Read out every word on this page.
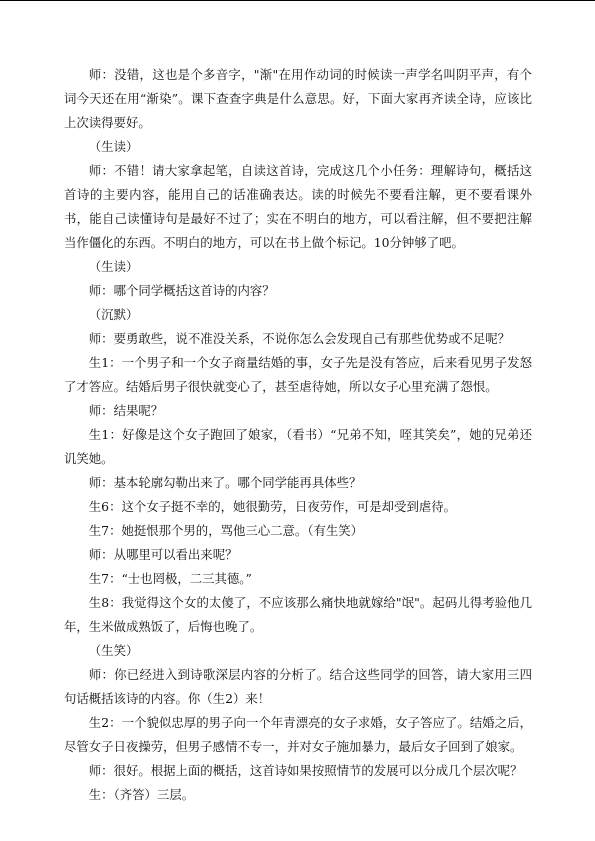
师：没错，这也是个多音字，"渐"在用作动词的时候读一声学名叫阴平声，有个词今天还在用“渐染”。课下查查字典是什么意思。好，下面大家再齐读全诗，应该比上次读得要好。

（生读）

师：不错！请大家拿起笔，自读这首诗，完成这几个小任务：理解诗句，概括这首诗的主要内容，能用自己的话准确表达。读的时候先不要看注解，更不要看课外书，能自己读懂诗句是最好不过了；实在不明白的地方，可以看注解，但不要把注解当作僵化的东西。不明白的地方，可以在书上做个标记。10分钟够了吧。

（生读）

师：哪个同学概括这首诗的内容？

（沉默）

师：要勇敢些，说不准没关系，不说你怎么会发现自己有那些优势或不足呢？

生1：一个男子和一个女子商量结婚的事，女子先是没有答应，后来看见男子发怒了才答应。结婚后男子很快就变心了，甚至虐待她，所以女子心里充满了怨恨。

师：结果呢？

生1：好像是这个女子跑回了娘家，（看书）“兄弟不知，咥其笑矣”，她的兄弟还讥笑她。

师：基本轮廓勾勒出来了。哪个同学能再具体些？

生6：这个女子挺不幸的，她很勤劳，日夜劳作，可是却受到虐待。

生7：她挺恨那个男的，骂他三心二意。（有生笑）

师：从哪里可以看出来呢？

生7：“士也罔极，二三其德。”

生8：我觉得这个女的太傻了，不应该那么痛快地就嫁给"氓"。起码儿得考验他几年，生米做成熟饭了，后悔也晚了。

（生笑）

师：你已经进入到诗歌深层内容的分析了。结合这些同学的回答，请大家用三四句话概括该诗的内容。你（生2）来！

生2：一个貌似忠厚的男子向一个年青漂亮的女子求婚，女子答应了。结婚之后，尽管女子日夜操劳，但男子感情不专一，并对女子施加暴力，最后女子回到了娘家。

师：很好。根据上面的概括，这首诗如果按照情节的发展可以分成几个层次呢？

生：（齐答）三层。
